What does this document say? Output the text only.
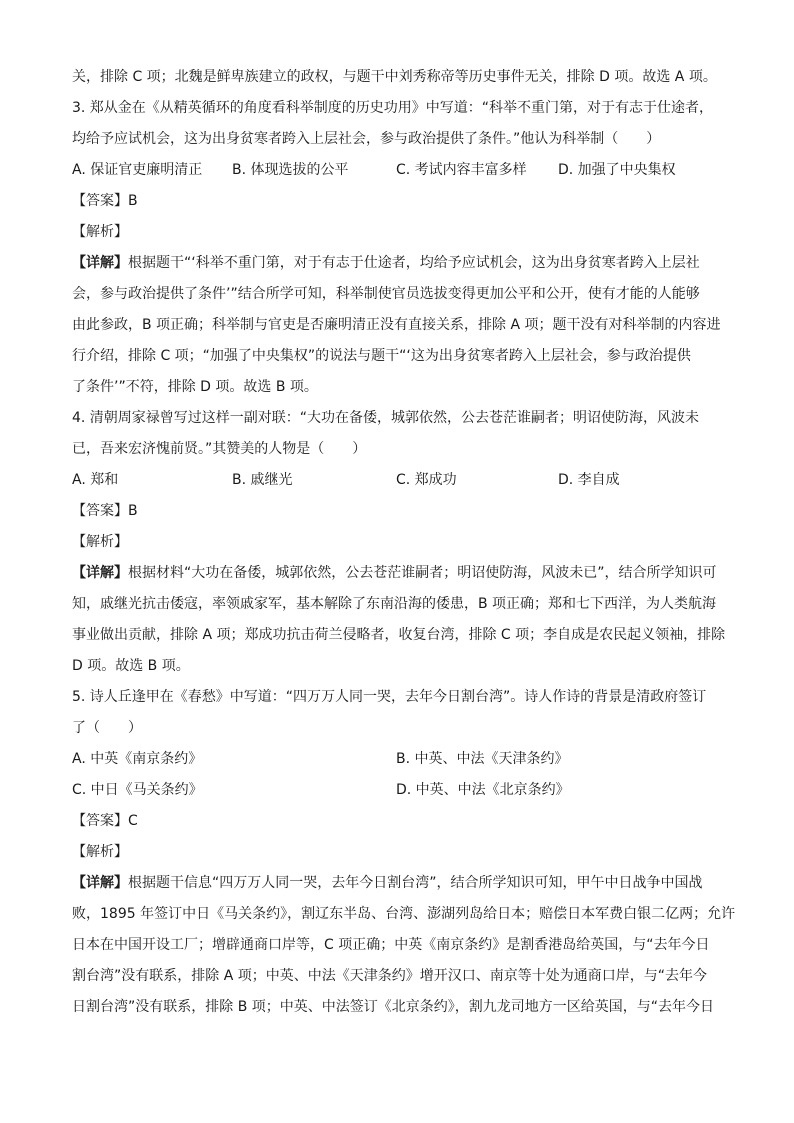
关，排除 C 项；北魏是鲜卑族建立的政权，与题干中刘秀称帝等历史事件无关，排除 D 项。故选 A 项。
3. 郑从金在《从精英循环的角度看科举制度的历史功用》中写道：“科举不重门第，对于有志于仕途者，
均给予应试机会，这为出身贫寒者跨入上层社会，参与政治提供了条件。”他认为科举制（　　）
A. 保证官吏廉明清正 B. 体现选拔的公平	C. 考试内容丰富多样 D. 加强了中央集权
【答案】B
【解析】
【详解】根据题干“‘科举不重门第，对于有志于仕途者，均给予应试机会，这为出身贫寒者跨入上层社
会，参与政治提供了条件’”结合所学可知，科举制使官员选拔变得更加公平和公开，使有才能的人能够
由此参政，B 项正确；科举制与官吏是否廉明清正没有直接关系，排除 A 项；题干没有对科举制的内容进
行介绍，排除 C 项；“加强了中央集权”的说法与题干“‘这为出身贫寒者跨入上层社会，参与政治提供
了条件’”不符，排除 D 项。故选 B 项。
4. 清朝周家禄曾写过这样一副对联：“大功在备倭，城郭依然，公去苍茫谁嗣者；明诏使防海，风波未
已，吾来宏济愧前贤。”其赞美的人物是（　　）
A. 郑和	B. 戚继光	C. 郑成功	D. 李自成
【答案】B
【解析】
【详解】根据材料“大功在备倭，城郭依然，公去苍茫谁嗣者；明诏使防海，风波未已”，结合所学知识可
知，戚继光抗击倭寇，率领戚家军，基本解除了东南沿海的倭患，B 项正确；郑和七下西洋，为人类航海
事业做出贡献，排除 A 项；郑成功抗击荷兰侵略者，收复台湾，排除 C 项；李自成是农民起义领袖，排除
D 项。故选 B 项。
5. 诗人丘逢甲在《春愁》中写道：“四万万人同一哭，去年今日割台湾”。诗人作诗的背景是清政府签订
了（　　）
A. 中英《南京条约》	B. 中英、中法《天津条约》
C. 中日《马关条约》	D. 中英、中法《北京条约》
【答案】C
【解析】
【详解】根据题干信息“四万万人同一哭，去年今日割台湾”，结合所学知识可知，甲午中日战争中国战
败，1895 年签订中日《马关条约》，割辽东半岛、台湾、澎湖列岛给日本；赔偿日本军费白银二亿两；允许
日本在中国开设工厂；增辟通商口岸等，C 项正确；中英《南京条约》是割香港岛给英国，与“去年今日
割台湾”没有联系，排除 A 项；中英、中法《天津条约》增开汉口、南京等十处为通商口岸，与“去年今
日割台湾”没有联系，排除 B 项；中英、中法签订《北京条约》，割九龙司地方一区给英国，与“去年今日
